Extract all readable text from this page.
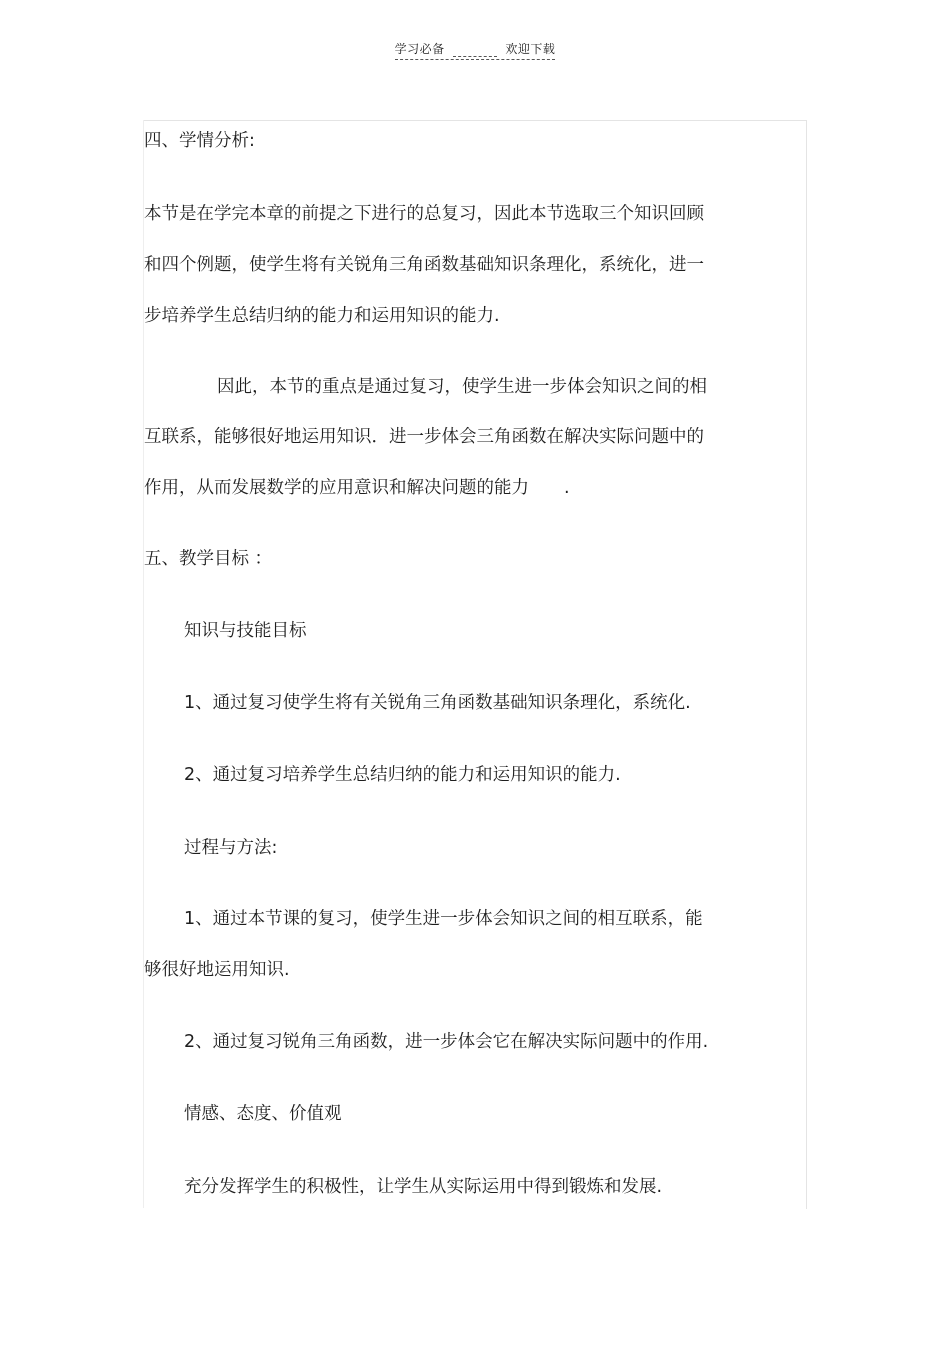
学习必备	欢迎下载
四、学情分析:
本节是在学完本章的前提之下进行的总复习，因此本节选取三个知识回顾
和四个例题，使学生将有关锐角三角函数基础知识条理化，系统化，进一
步培养学生总结归纳的能力和运用知识的能力.
因此，本节的重点是通过复习，使学生进一步体会知识之间的相
互联系，能够很好地运用知识．进一步体会三角函数在解决实际问题中的
作用，从而发展数学的应用意识和解决问题的能力　　.
五、教学目标 ：
知识与技能目标
1、通过复习使学生将有关锐角三角函数基础知识条理化，系统化.
2、通过复习培养学生总结归纳的能力和运用知识的能力.
过程与方法:
1、通过本节课的复习，使学生进一步体会知识之间的相互联系，能
够很好地运用知识.
2、通过复习锐角三角函数，进一步体会它在解决实际问题中的作用.
情感、态度、价值观
充分发挥学生的积极性，让学生从实际运用中得到锻炼和发展.
